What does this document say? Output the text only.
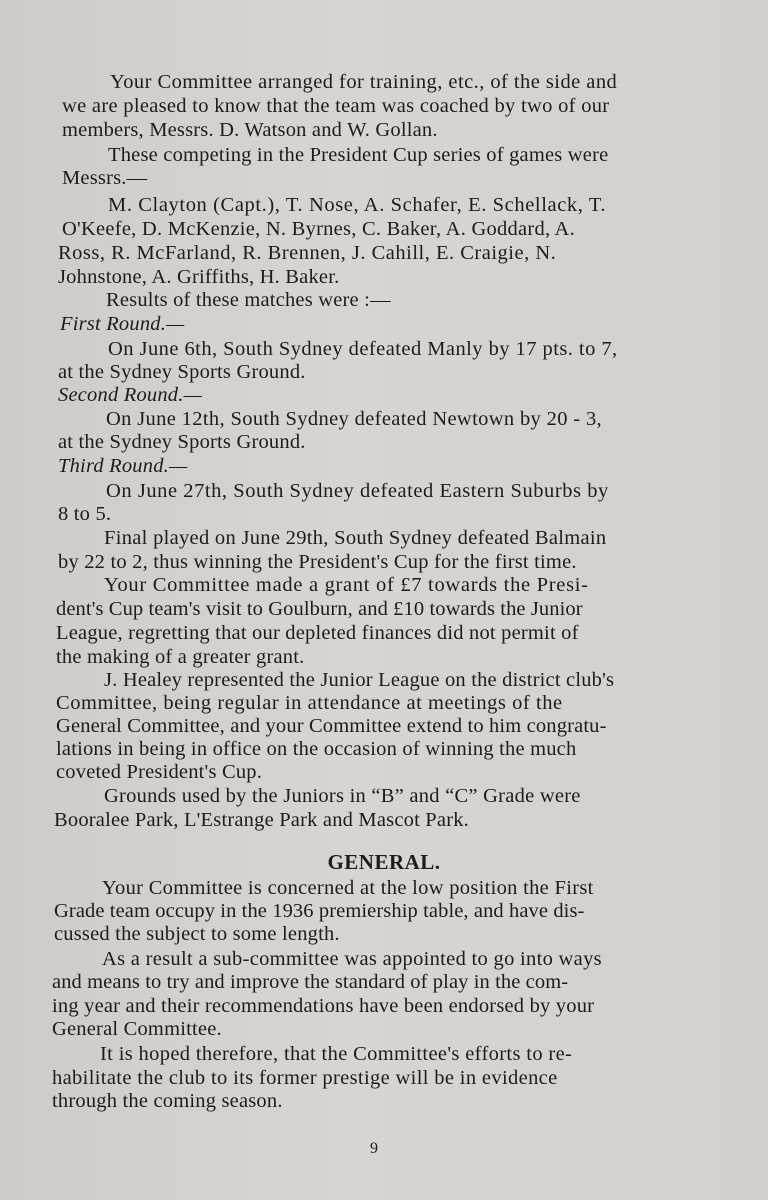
Your Committee arranged for training, etc., of the side and
we are pleased to know that the team was coached by two of our
members, Messrs. D. Watson and W. Gollan.
These competing in the President Cup series of games were
Messrs.—
M. Clayton (Capt.), T. Nose, A. Schafer, E. Schellack, T.
O'Keefe, D. McKenzie, N. Byrnes, C. Baker, A. Goddard, A.
Ross, R. McFarland, R. Brennen, J. Cahill, E. Craigie, N.
Johnstone, A. Griffiths, H. Baker.
Results of these matches were :—
First Round.—
On June 6th, South Sydney defeated Manly by 17 pts. to 7,
at the Sydney Sports Ground.
Second Round.—
On June 12th, South Sydney defeated Newtown by 20 - 3,
at the Sydney Sports Ground.
Third Round.—
On June 27th, South Sydney defeated Eastern Suburbs by
8 to 5.
Final played on June 29th, South Sydney defeated Balmain
by 22 to 2, thus winning the President's Cup for the first time.
Your Committee made a grant of £7 towards the Presi-
dent's Cup team's visit to Goulburn, and £10 towards the Junior
League, regretting that our depleted finances did not permit of
the making of a greater grant.
J. Healey represented the Junior League on the district club's
Committee, being regular in attendance at meetings of the
General Committee, and your Committee extend to him congratu-
lations in being in office on the occasion of winning the much
coveted President's Cup.
Grounds used by the Juniors in “B” and “C” Grade were
Booralee Park, L'Estrange Park and Mascot Park.
GENERAL.
Your Committee is concerned at the low position the First
Grade team occupy in the 1936 premiership table, and have dis-
cussed the subject to some length.
As a result a sub-committee was appointed to go into ways
and means to try and improve the standard of play in the com-
ing year and their recommendations have been endorsed by your
General Committee.
It is hoped therefore, that the Committee's efforts to re-
habilitate the club to its former prestige will be in evidence
through the coming season.
9
